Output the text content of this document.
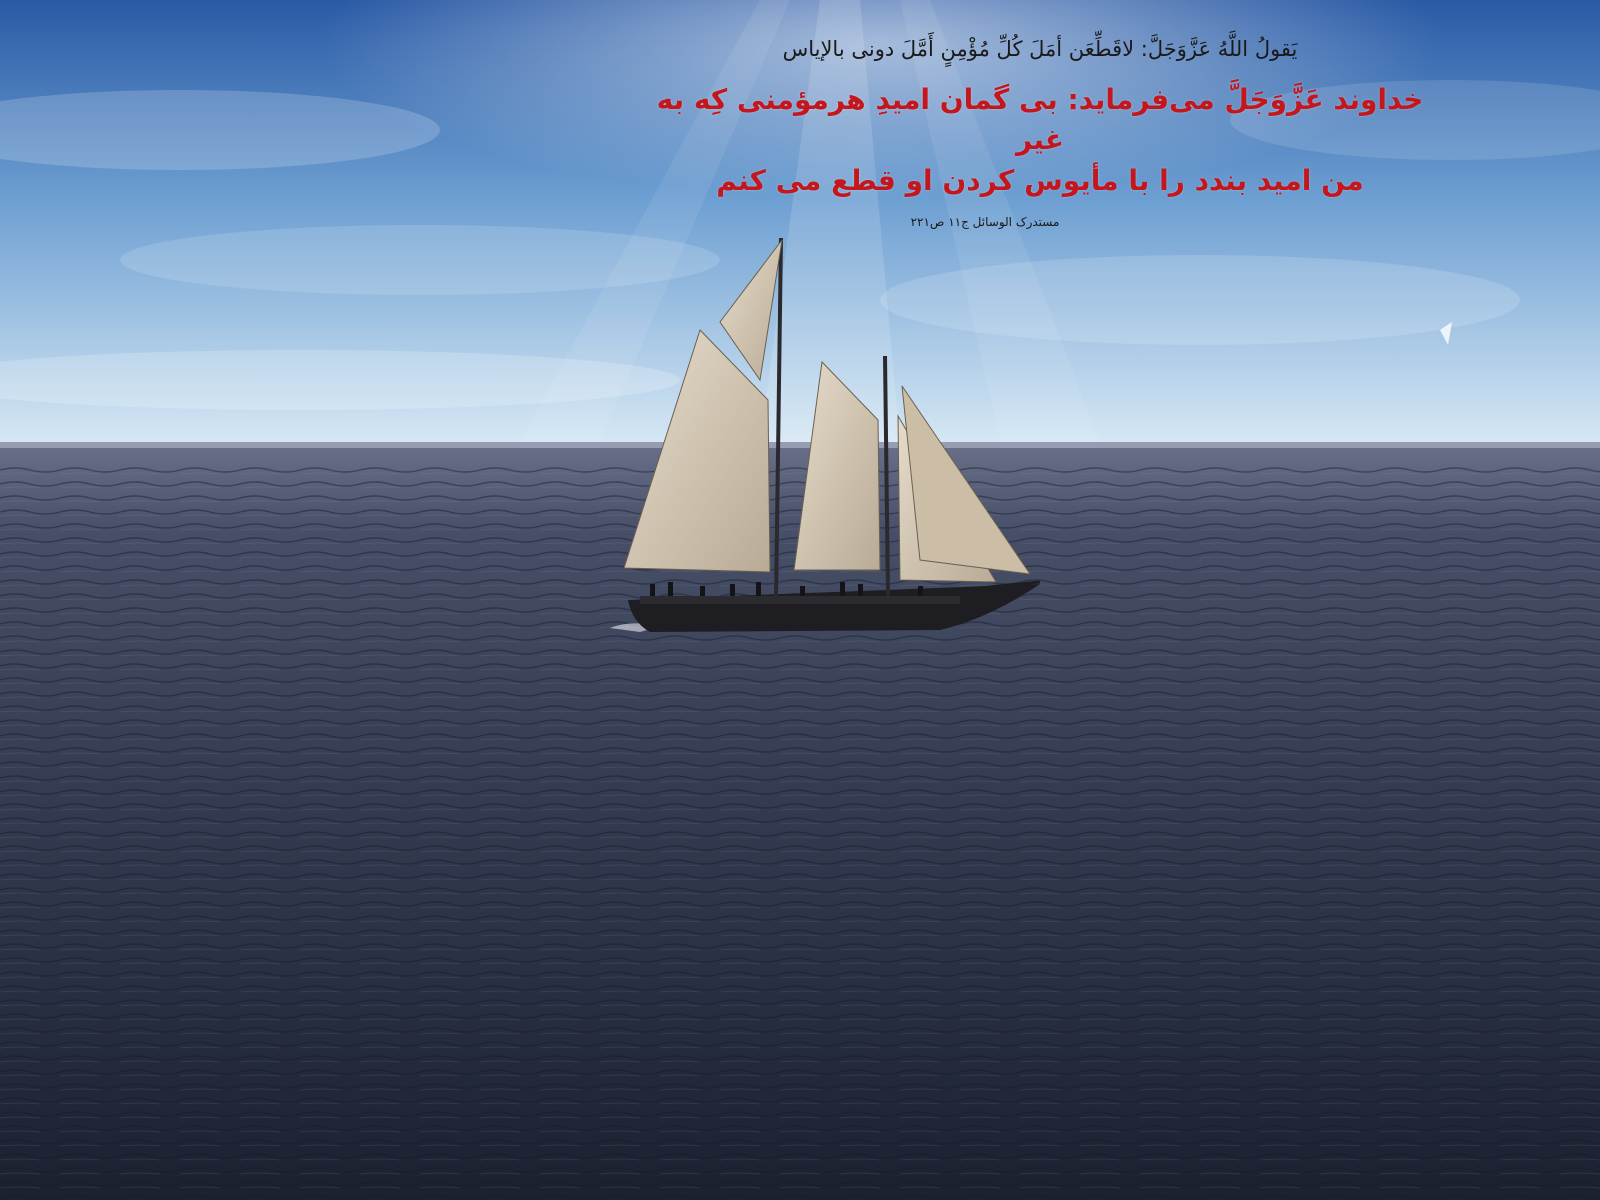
يَقولُ اللَّهُ عَزَّوَجَلَّ: لاقَطِّعَن أمَلَ كُلِّ مُؤْمِنٍ أَمَّلَ دونى بالإياس
خداوند عَزَّوَجَلَّ می‌فرماید: بی گمان امیدِ هرمؤمنی کِه به غیر
من امید بندد را با مأیوس کردن او قطع می کنم
مستدرک الوسائل ج۱۱ ص۲۲۱
